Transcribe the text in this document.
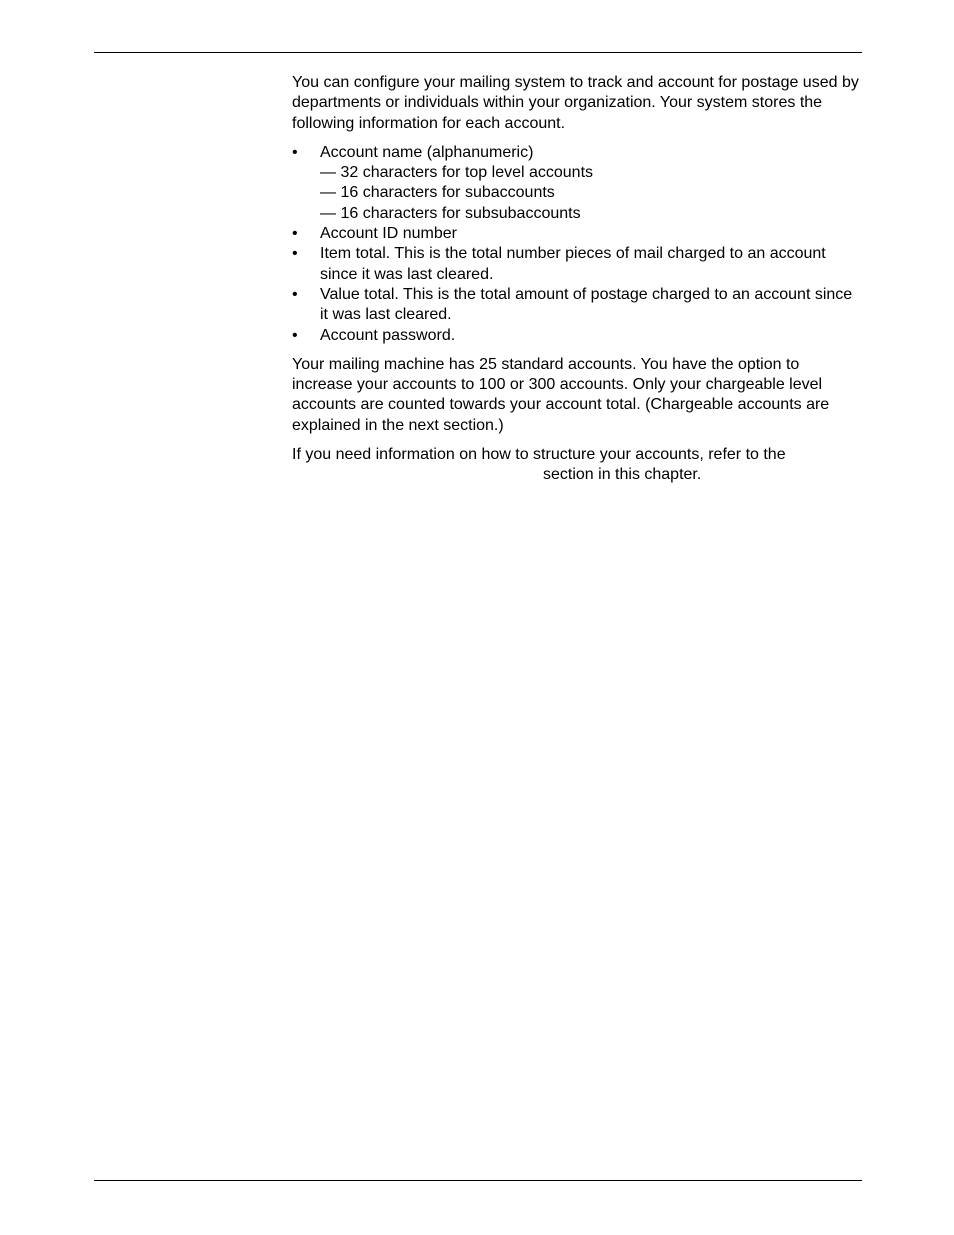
You can configure your mailing system to track and account for postage used by departments or individuals within your organization. Your system stores the following information for each account.

• Account name (alphanumeric)
— 32 characters for top level accounts
— 16 characters for subaccounts
— 16 characters for subsubaccounts
• Account ID number
• Item total. This is the total number pieces of mail charged to an account since it was last cleared.
• Value total. This is the total amount of postage charged to an account since it was last cleared.
• Account password.

Your mailing machine has 25 standard accounts. You have the option to increase your accounts to 100 or 300 accounts. Only your chargeable level accounts are counted towards your account total. (Chargeable accounts are explained in the next section.)

If you need information on how to structure your accounts, refer to the
section in this chapter.
